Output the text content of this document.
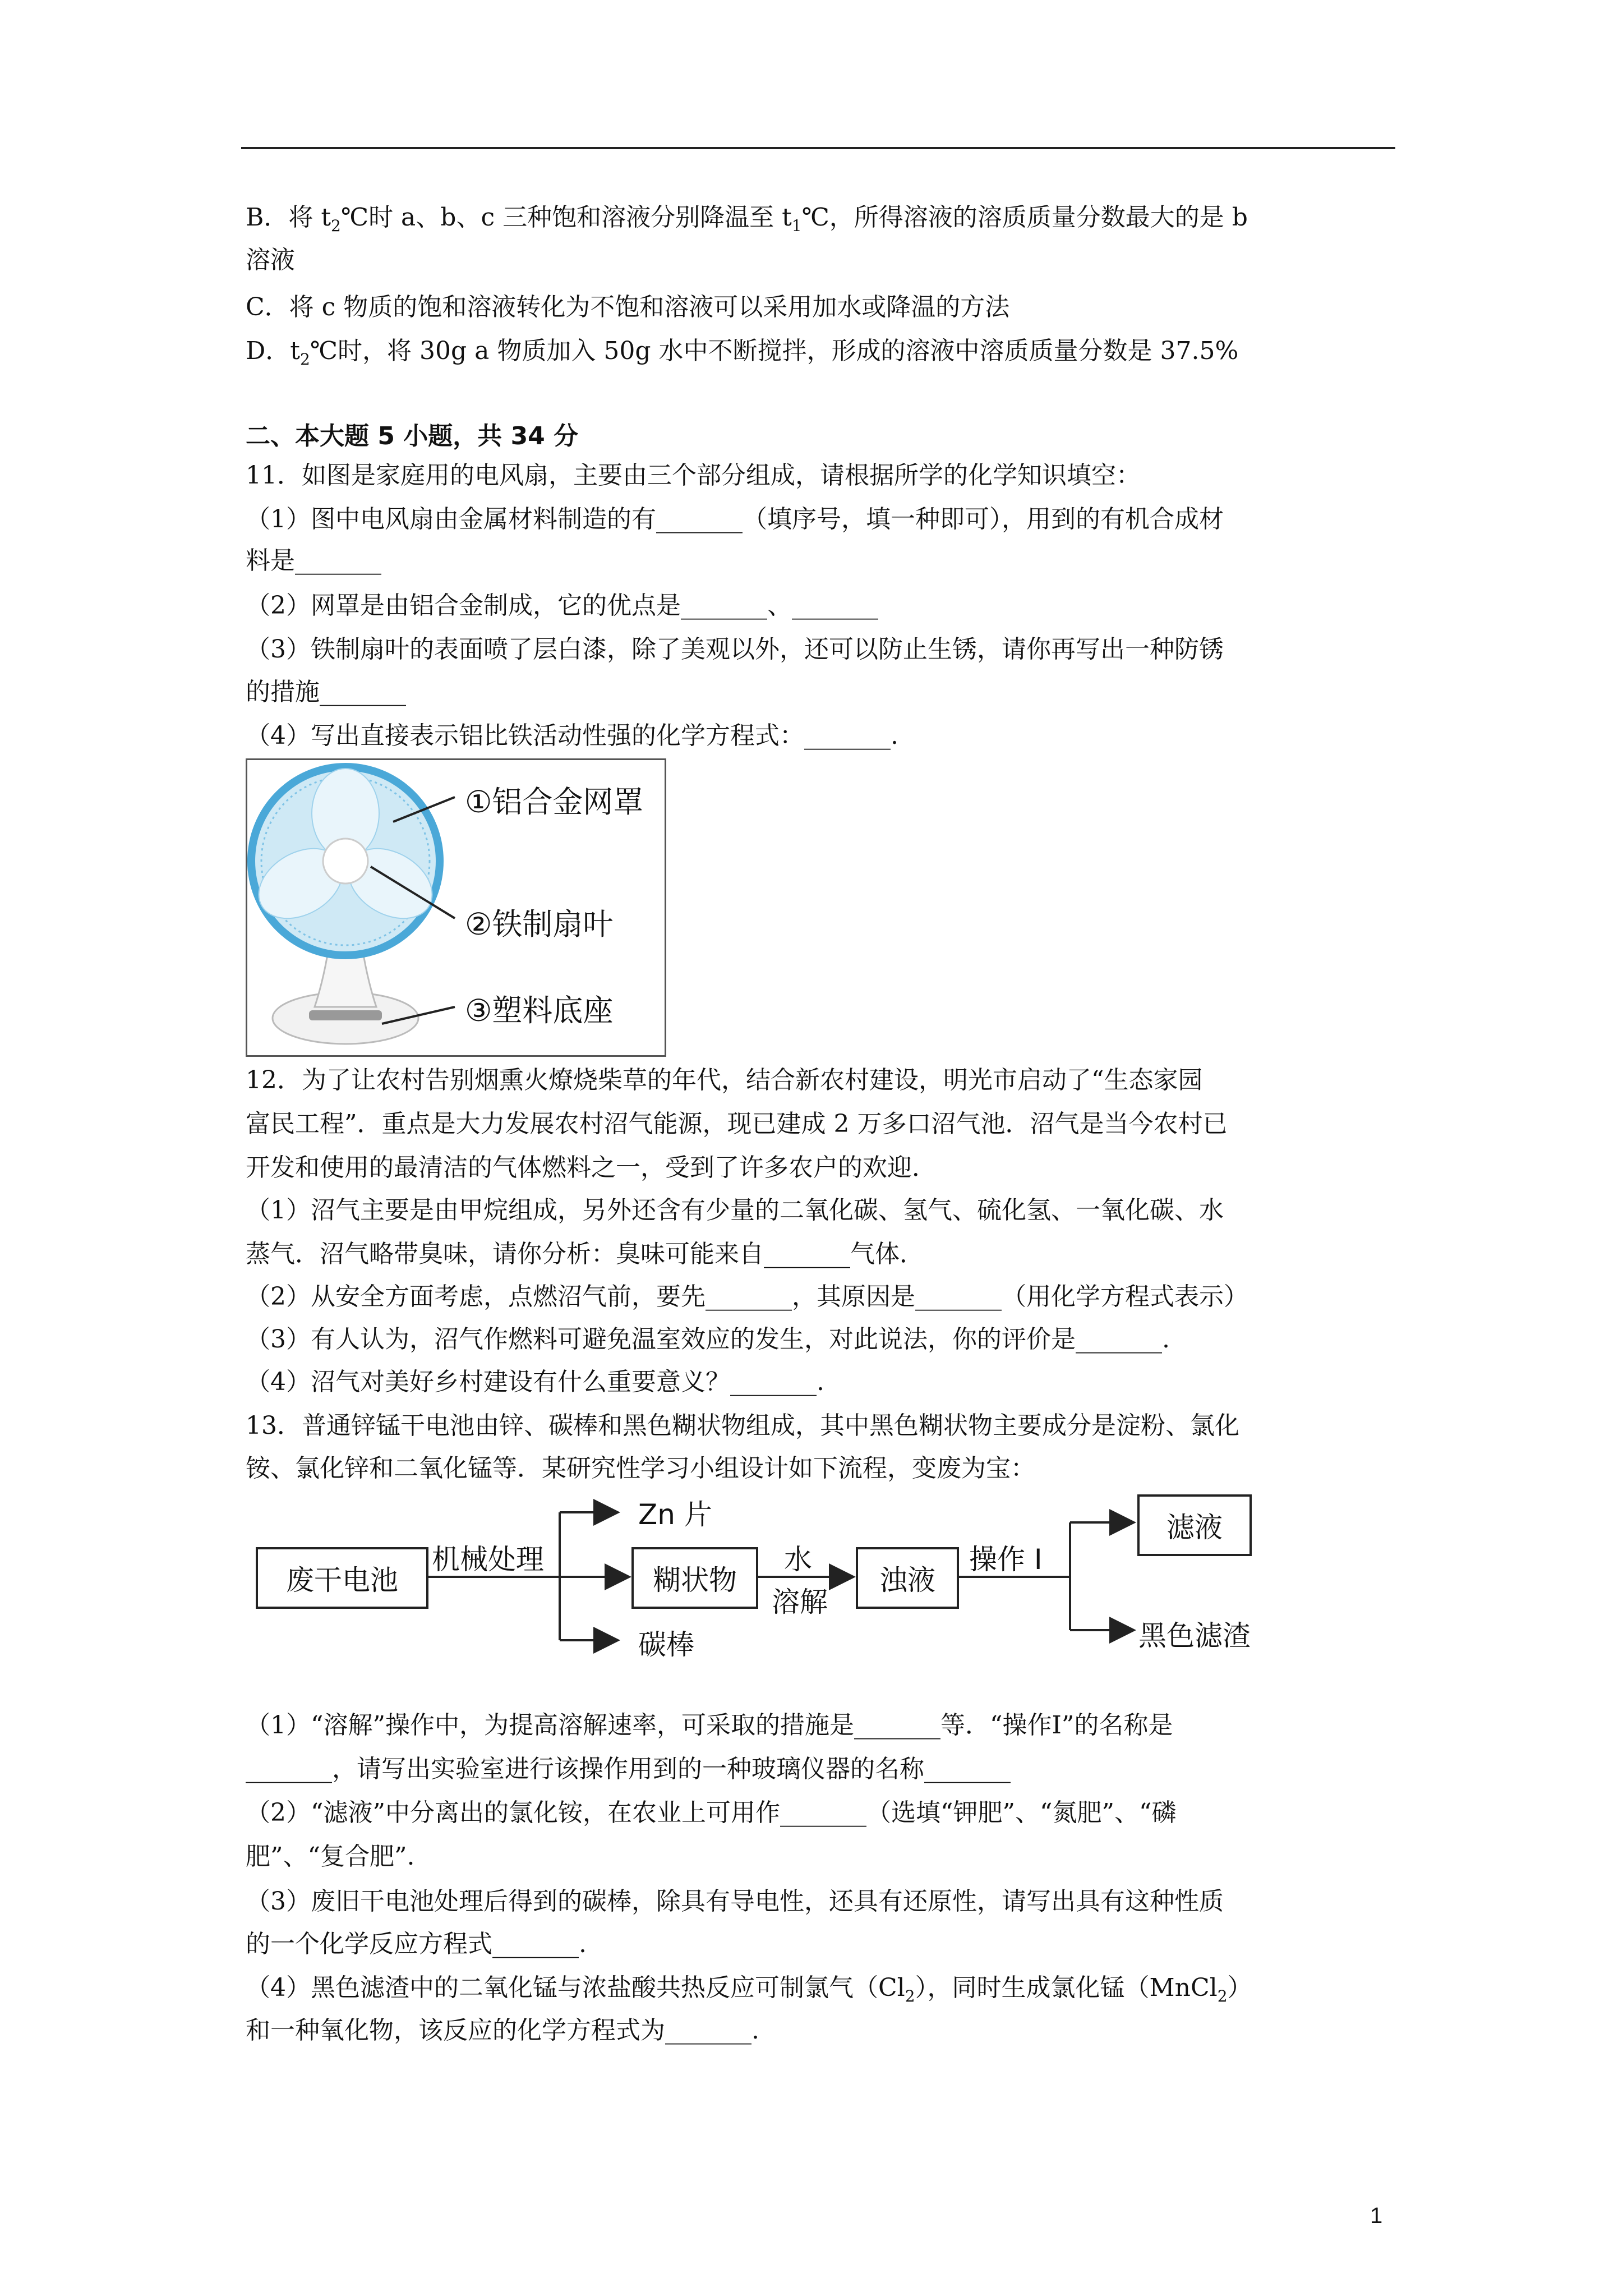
B．将 $t_2℃$时 a、b、c 三种饱和溶液分别降温至 $t_1℃$，所得溶液的溶质质量分数最大的是 b
溶液
C．将 c 物质的饱和溶液转化为不饱和溶液可以采用加水或降温的方法
D．$t_2℃$时，将 30g a 物质加入 50g 水中不断搅拌，形成的溶液中溶质质量分数是 37.5%
二、本大题 5 小题，共 34 分
11．如图是家庭用的电风扇，主要由三个部分组成，请根据所学的化学知识填空：
（1）图中电风扇由金属材料制造的有_______（填序号，填一种即可），用到的有机合成材
料是_______
（2）网罩是由铝合金制成，它的优点是_______、_______
（3）铁制扇叶的表面喷了层白漆，除了美观以外，还可以防止生锈，请你再写出一种防锈
的措施_______
（4）写出直接表示铝比铁活动性强的化学方程式：_______.
12．为了让农村告别烟熏火燎烧柴草的年代，结合新农村建设，明光市启动了“生态家园
富民工程”．重点是大力发展农村沼气能源，现已建成 2 万多口沼气池．沼气是当今农村已
开发和使用的最清洁的气体燃料之一，受到了许多农户的欢迎．
（1）沼气主要是由甲烷组成，另外还含有少量的二氧化碳、氢气、硫化氢、一氧化碳、水
蒸气．沼气略带臭味，请你分析：臭味可能来自_______气体．
（2）从安全方面考虑，点燃沼气前，要先_______，其原因是_______（用化学方程式表示）
（3）有人认为，沼气作燃料可避免温室效应的发生，对此说法，你的评价是_______.
（4）沼气对美好乡村建设有什么重要意义？_______.
13．普通锌锰干电池由锌、碳棒和黑色糊状物组成，其中黑色糊状物主要成分是淀粉、氯化
铵、氯化锌和二氧化锰等．某研究性学习小组设计如下流程，变废为宝：
（1）“溶解”操作中，为提高溶解速率，可采取的措施是_______等．“操作Ⅰ”的名称是
_______，请写出实验室进行该操作用到的一种玻璃仪器的名称_______
（2）“滤液”中分离出的氯化铵，在农业上可用作_______（选填“钾肥”、“氮肥”、“磷
肥”、“复合肥”.
（3）废旧干电池处理后得到的碳棒，除具有导电性，还具有还原性，请写出具有这种性质
的一个化学反应方程式_______.
（4）黑色滤渣中的二氧化锰与浓盐酸共热反应可制氯气$(Cl_2)$，同时生成氯化锰（MnCl$_2$）
和一种氧化物，该反应的化学方程式为_______.
①铝合金网罩
②铁制扇叶
③塑料底座
废干电池
机械处理
Zn 片
糊状物
碳棒
水
溶解
浊液
操作 I
滤液
黑色滤渣
1
